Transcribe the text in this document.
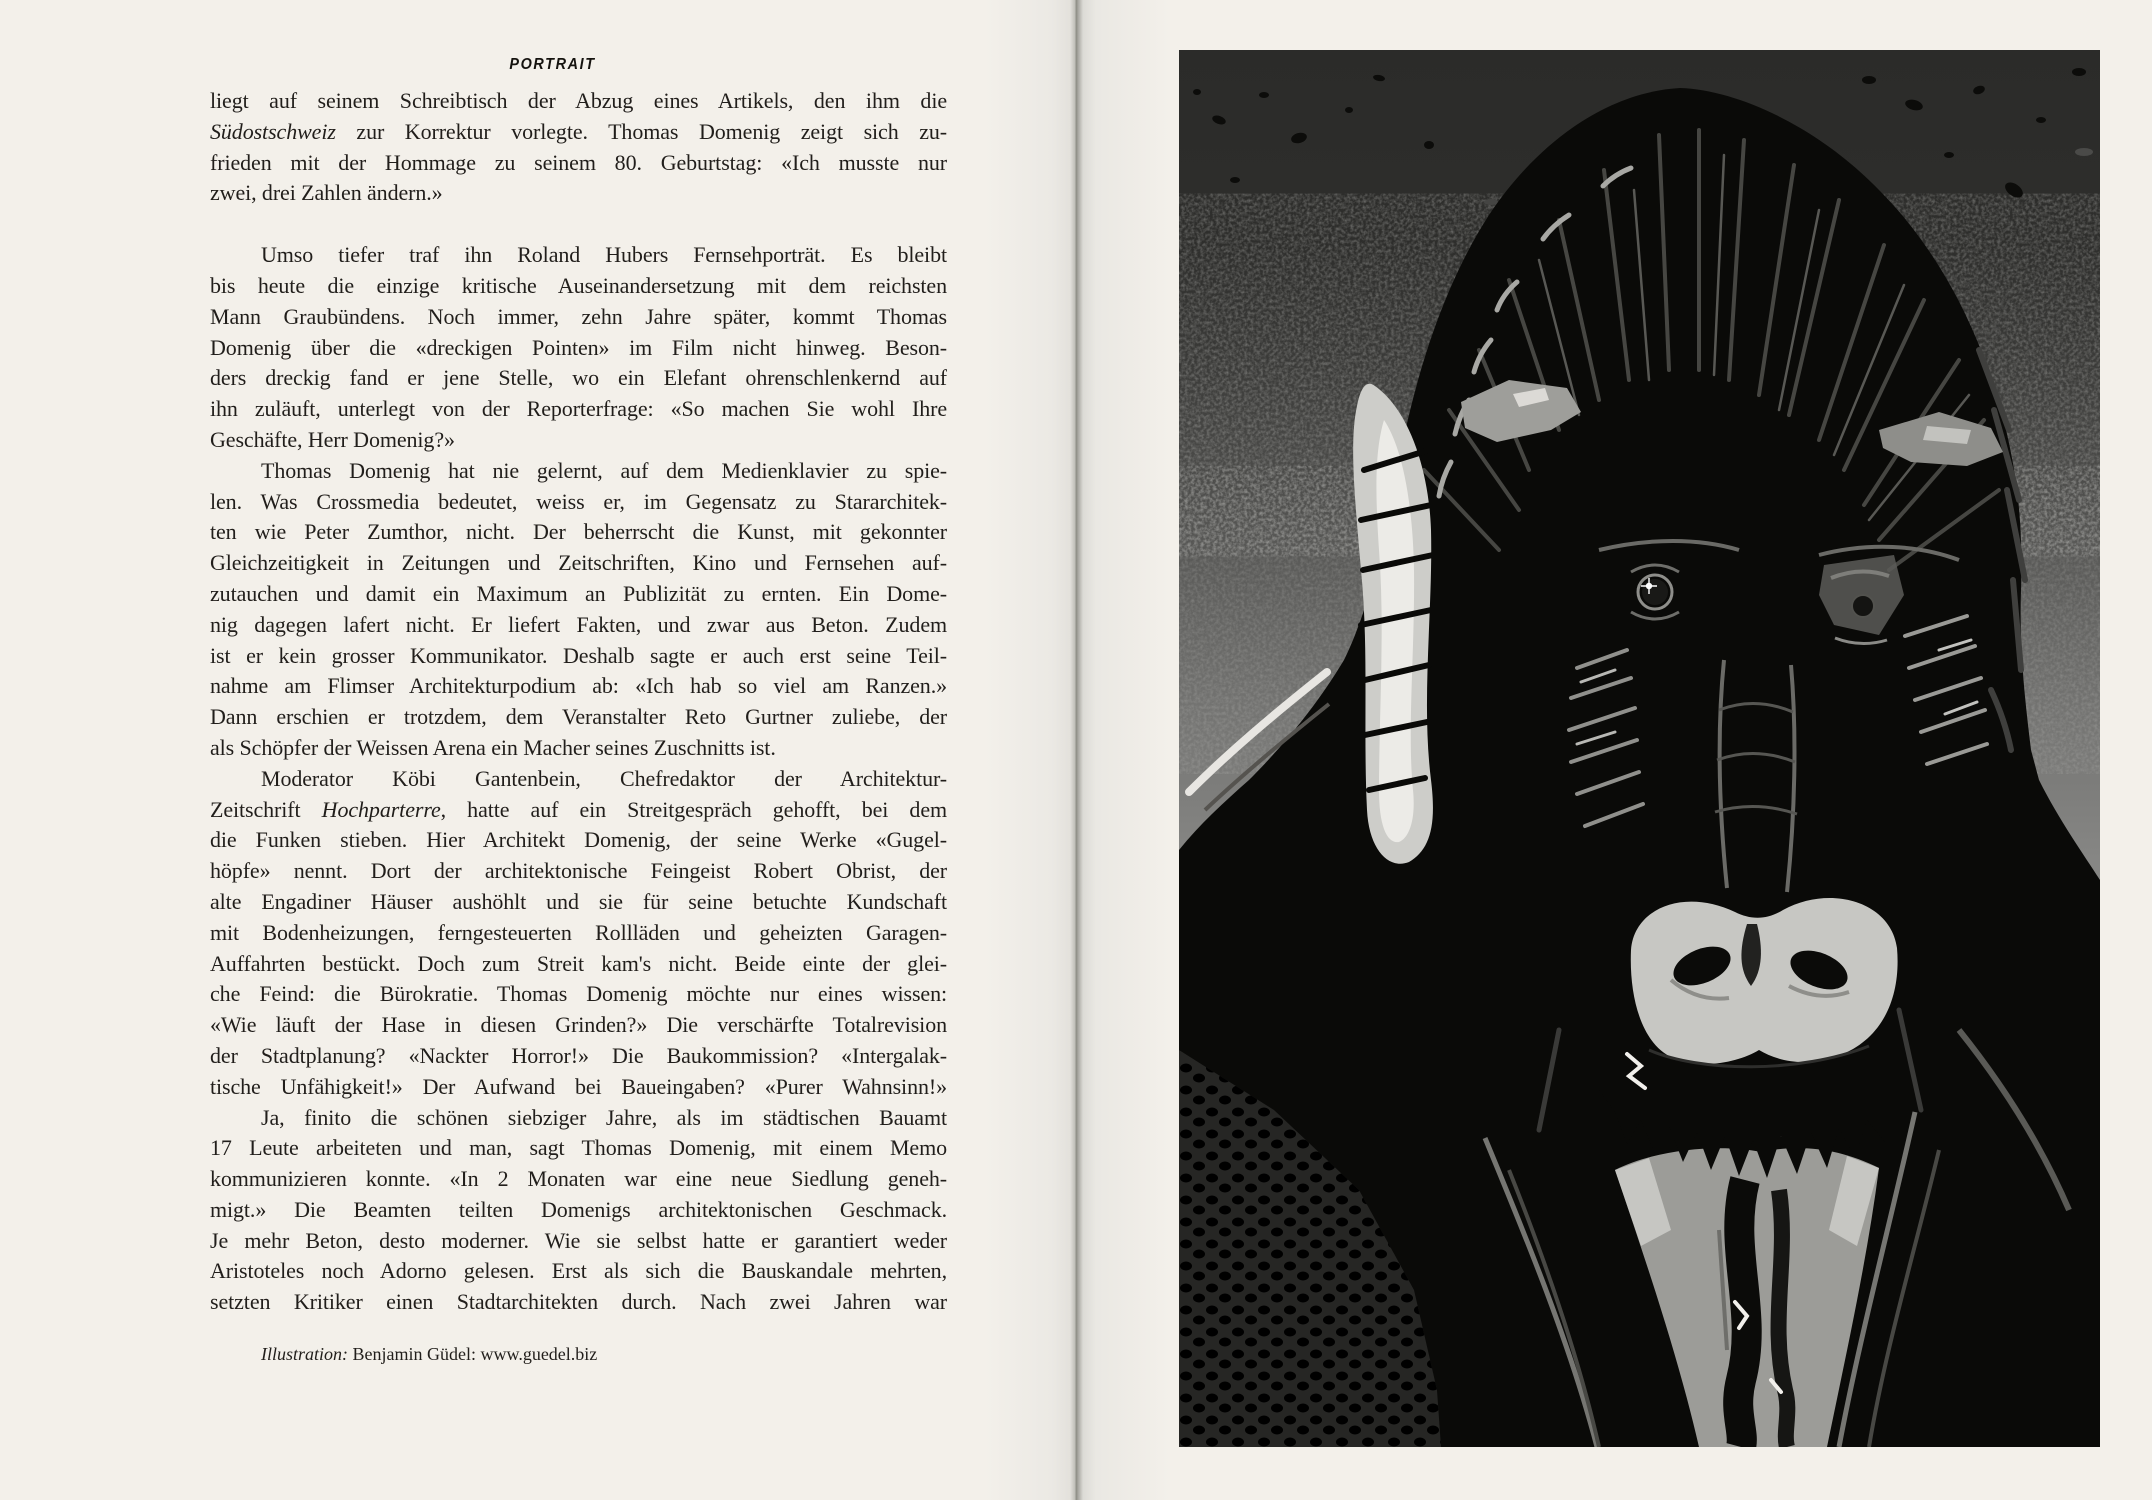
PORTRAIT
liegt auf seinem Schreibtisch der Abzug eines Artikels, den ihm die
Südostschweiz zur Korrektur vorlegte. Thomas Domenig zeigt sich zu-
frieden mit der Hommage zu seinem 80. Geburtstag: «Ich musste nur
zwei, drei Zahlen ändern.»
Umso tiefer traf ihn Roland Hubers Fernsehporträt. Es bleibt
bis heute die einzige kritische Auseinandersetzung mit dem reichsten
Mann Graubündens. Noch immer, zehn Jahre später, kommt Thomas
Domenig über die «dreckigen Pointen» im Film nicht hinweg. Beson-
ders dreckig fand er jene Stelle, wo ein Elefant ohrenschlenkernd auf
ihn zuläuft, unterlegt von der Reporterfrage: «So machen Sie wohl Ihre
Geschäfte, Herr Domenig?»
Thomas Domenig hat nie gelernt, auf dem Medienklavier zu spie-
len. Was Crossmedia bedeutet, weiss er, im Gegensatz zu Stararchitek-
ten wie Peter Zumthor, nicht. Der beherrscht die Kunst, mit gekonnter
Gleichzeitigkeit in Zeitungen und Zeitschriften, Kino und Fernsehen auf-
zutauchen und damit ein Maximum an Publizität zu ernten. Ein Dome-
nig dagegen lafert nicht. Er liefert Fakten, und zwar aus Beton. Zudem
ist er kein grosser Kommunikator. Deshalb sagte er auch erst seine Teil-
nahme am Flimser Architekturpodium ab: «Ich hab so viel am Ranzen.»
Dann erschien er trotzdem, dem Veranstalter Reto Gurtner zuliebe, der
als Schöpfer der Weissen Arena ein Macher seines Zuschnitts ist.
Moderator Köbi Gantenbein, Chefredaktor der Architektur-
Zeitschrift Hochparterre, hatte auf ein Streitgespräch gehofft, bei dem
die Funken stieben. Hier Architekt Domenig, der seine Werke «Gugel-
höpfe» nennt. Dort der architektonische Feingeist Robert Obrist, der
alte Engadiner Häuser aushöhlt und sie für seine betuchte Kundschaft
mit Bodenheizungen, ferngesteuerten Rollläden und geheizten Garagen-
Auffahrten bestückt. Doch zum Streit kam's nicht. Beide einte der glei-
che Feind: die Bürokratie. Thomas Domenig möchte nur eines wissen:
«Wie läuft der Hase in diesen Grinden?» Die verschärfte Totalrevision
der Stadtplanung? «Nackter Horror!» Die Baukommission? «Intergalak-
tische Unfähigkeit!» Der Aufwand bei Baueingaben? «Purer Wahnsinn!»
Ja, finito die schönen siebziger Jahre, als im städtischen Bauamt
17 Leute arbeiteten und man, sagt Thomas Domenig, mit einem Memo
kommunizieren konnte. «In 2 Monaten war eine neue Siedlung geneh-
migt.» Die Beamten teilten Domenigs architektonischen Geschmack.
Je mehr Beton, desto moderner. Wie sie selbst hatte er garantiert weder
Aristoteles noch Adorno gelesen. Erst als sich die Bauskandale mehrten,
setzten Kritiker einen Stadtarchitekten durch. Nach zwei Jahren war
Illustration: Benjamin Güdel: www.guedel.biz
